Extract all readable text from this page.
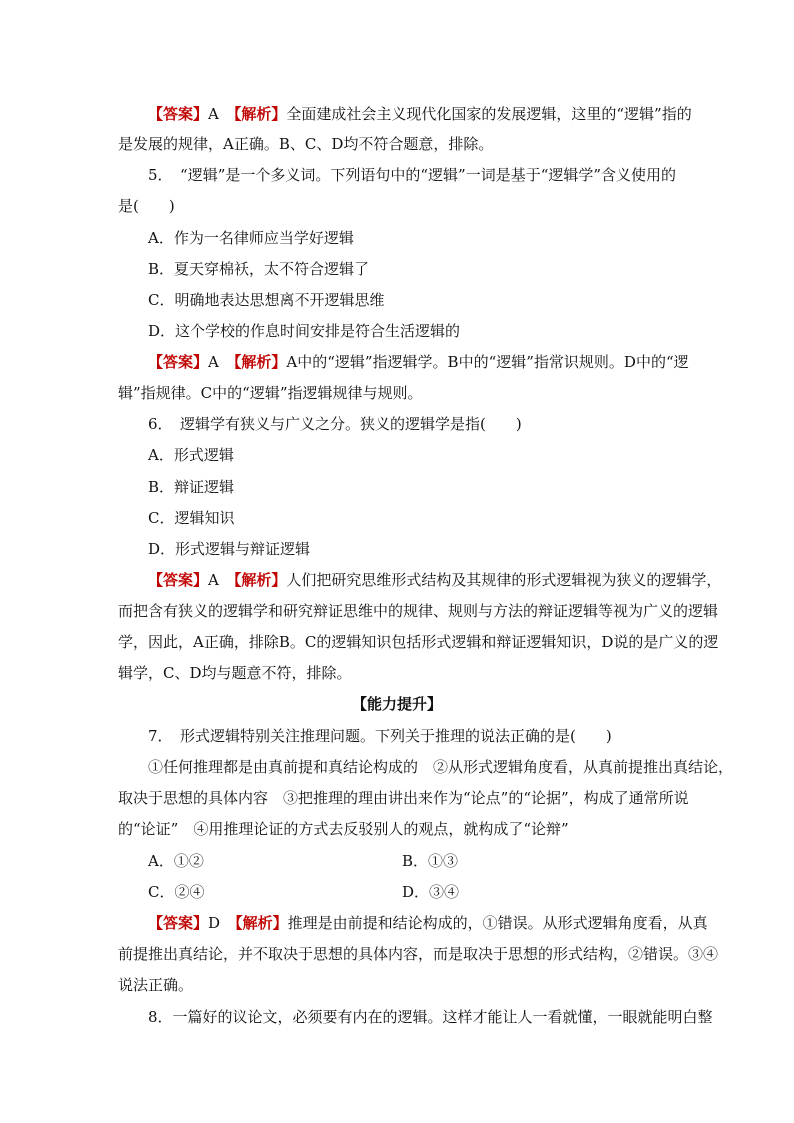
【答案】A　 【解析】全面建成社会主义现代化国家的发展逻辑，这里的“逻辑”指的
是发展的规律，A正确。B、C、D均不符合题意，排除。
5．　“逻辑”是一个多义词。下列语句中的“逻辑”一词是基于“逻辑学”含义使用的
是(　　)
A．作为一名律师应当学好逻辑
B．夏天穿棉袄，太不符合逻辑了
C．明确地表达思想离不开逻辑思维
D．这个学校的作息时间安排是符合生活逻辑的
【答案】A　 【解析】A中的“逻辑”指逻辑学。B中的“逻辑”指常识规则。D中的“逻
辑”指规律。C中的“逻辑”指逻辑规律与规则。
6．　逻辑学有狭义与广义之分。狭义的逻辑学是指(　　)
A．形式逻辑
B．辩证逻辑
C．逻辑知识
D．形式逻辑与辩证逻辑
【答案】A　 【解析】人们把研究思维形式结构及其规律的形式逻辑视为狭义的逻辑学，
而把含有狭义的逻辑学和研究辩证思维中的规律、规则与方法的辩证逻辑等视为广义的逻辑
学，因此，A正确，排除B。C的逻辑知识包括形式逻辑和辩证逻辑知识，D说的是广义的逻
辑学，C、D均与题意不符，排除。
【能力提升】
7．　形式逻辑特别关注推理问题。下列关于推理的说法正确的是(　　)
①任何推理都是由真前提和真结论构成的　②从形式逻辑角度看，从真前提推出真结论，
取决于思想的具体内容　③把推理的理由讲出来作为“论点”的“论据”，构成了通常所说
的“论证”　④用推理论证的方式去反驳别人的观点，就构成了“论辩”
A．①②	B．①③
C．②④	D．③④
【答案】D　 【解析】推理是由前提和结论构成的，①错误。从形式逻辑角度看，从真
前提推出真结论，并不取决于思想的具体内容，而是取决于思想的形式结构，②错误。③④
说法正确。
8．一篇好的议论文，必须要有内在的逻辑。这样才能让人一看就懂，一眼就能明白整
